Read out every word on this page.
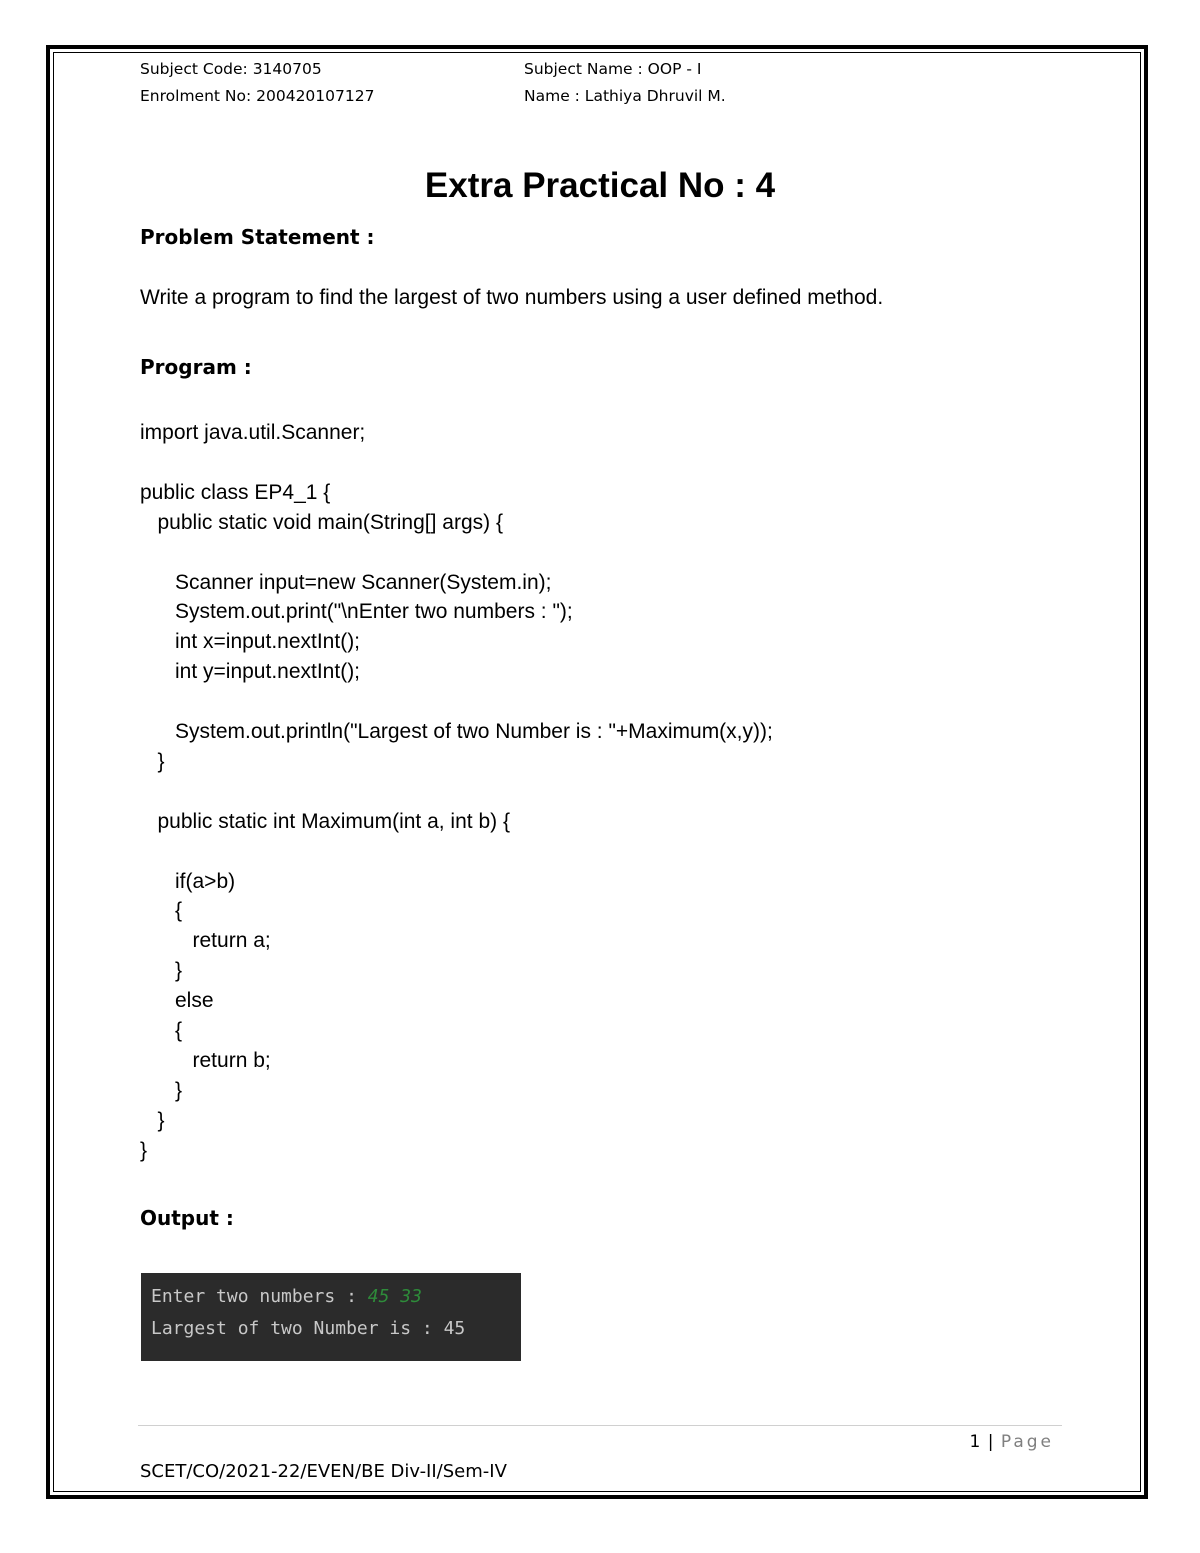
Subject Code: 3140705	Subject Name : OOP - I
Enrolment No: 200420107127	Name : Lathiya Dhruvil M.
Extra Practical No : 4
Problem Statement :
Write a program to find the largest of two numbers using a user defined method.
Program :
import java.util.Scanner;
public class EP4_1 {
public static void main(String[] args) {
Scanner input=new Scanner(System.in);
System.out.print("\nEnter two numbers : ");
int x=input.nextInt();
int y=input.nextInt();
System.out.println("Largest of two Number is : "+Maximum(x,y));
}
public static int Maximum(int a, int b) {
if(a>b)
{
return a;
}
else
{
return b;
}
}
}
Output :
Enter two numbers : 45 33
Largest of two Number is : 45
1 | Page
SCET/CO/2021-22/EVEN/BE Div-II/Sem-IV
